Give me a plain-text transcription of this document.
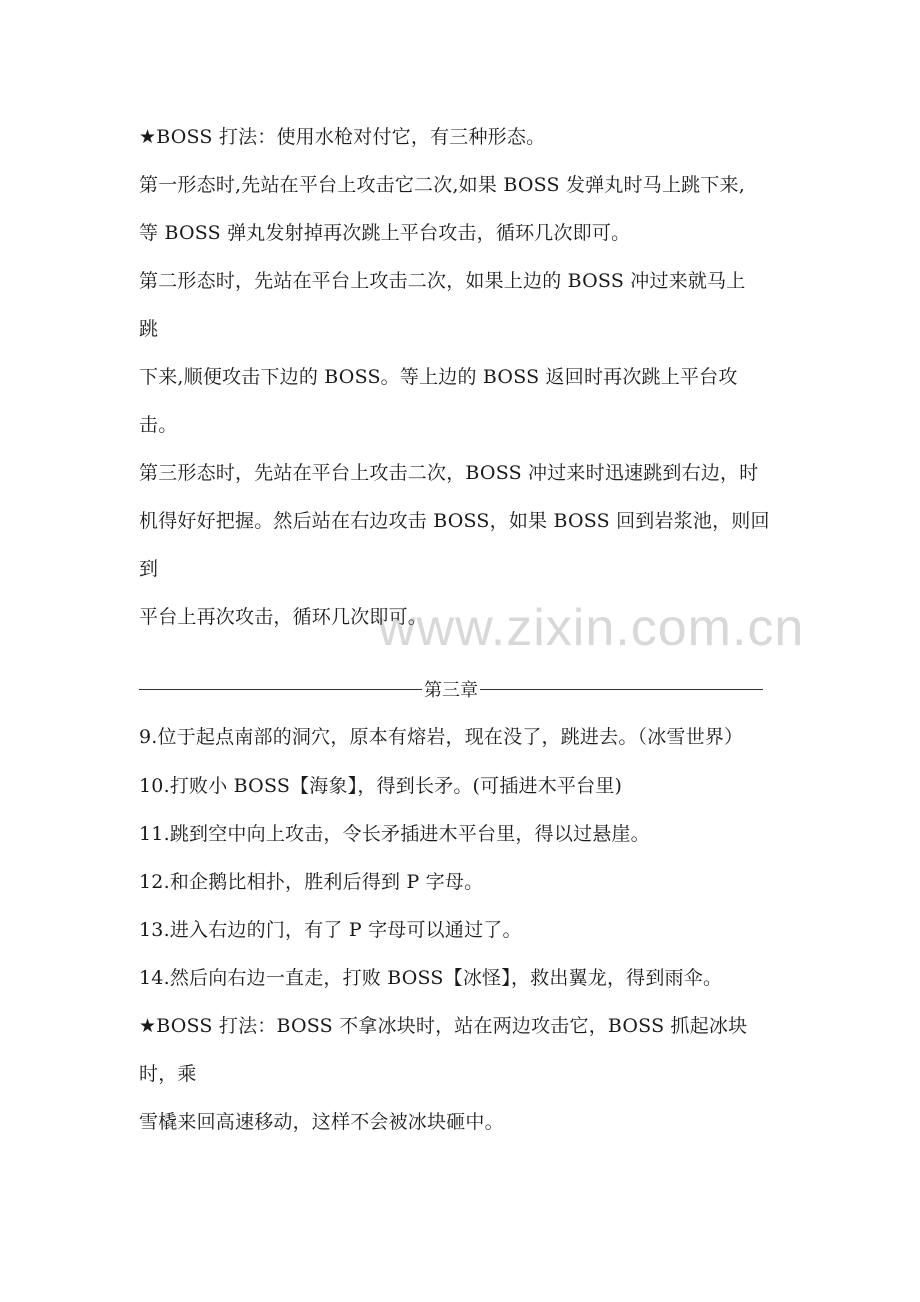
www.zixin.com.cn
★BOSS 打法：使用水枪对付它，有三种形态。
第一形态时,先站在平台上攻击它二次,如果 BOSS 发弹丸时马上跳下来,
等 BOSS 弹丸发射掉再次跳上平台攻击，循环几次即可。
第二形态时，先站在平台上攻击二次，如果上边的 BOSS 冲过来就马上
跳
下来,顺便攻击下边的 BOSS。等上边的 BOSS 返回时再次跳上平台攻
击。
第三形态时，先站在平台上攻击二次，BOSS 冲过来时迅速跳到右边，时
机得好好把握。然后站在右边攻击 BOSS，如果 BOSS 回到岩浆池，则回
到
平台上再次攻击，循环几次即可。
第三章
9.位于起点南部的洞穴，原本有熔岩，现在没了，跳进去。（冰雪世界）
10.打败小 BOSS【海象】，得到长矛。(可插进木平台里)
11.跳到空中向上攻击，令长矛插进木平台里，得以过悬崖。
12.和企鹅比相扑，胜利后得到 P 字母。
13.进入右边的门，有了 P 字母可以通过了。
14.然后向右边一直走，打败 BOSS【冰怪】，救出翼龙，得到雨伞。
★BOSS 打法：BOSS 不拿冰块时，站在两边攻击它，BOSS 抓起冰块
时，乘
雪橇来回高速移动，这样不会被冰块砸中。
